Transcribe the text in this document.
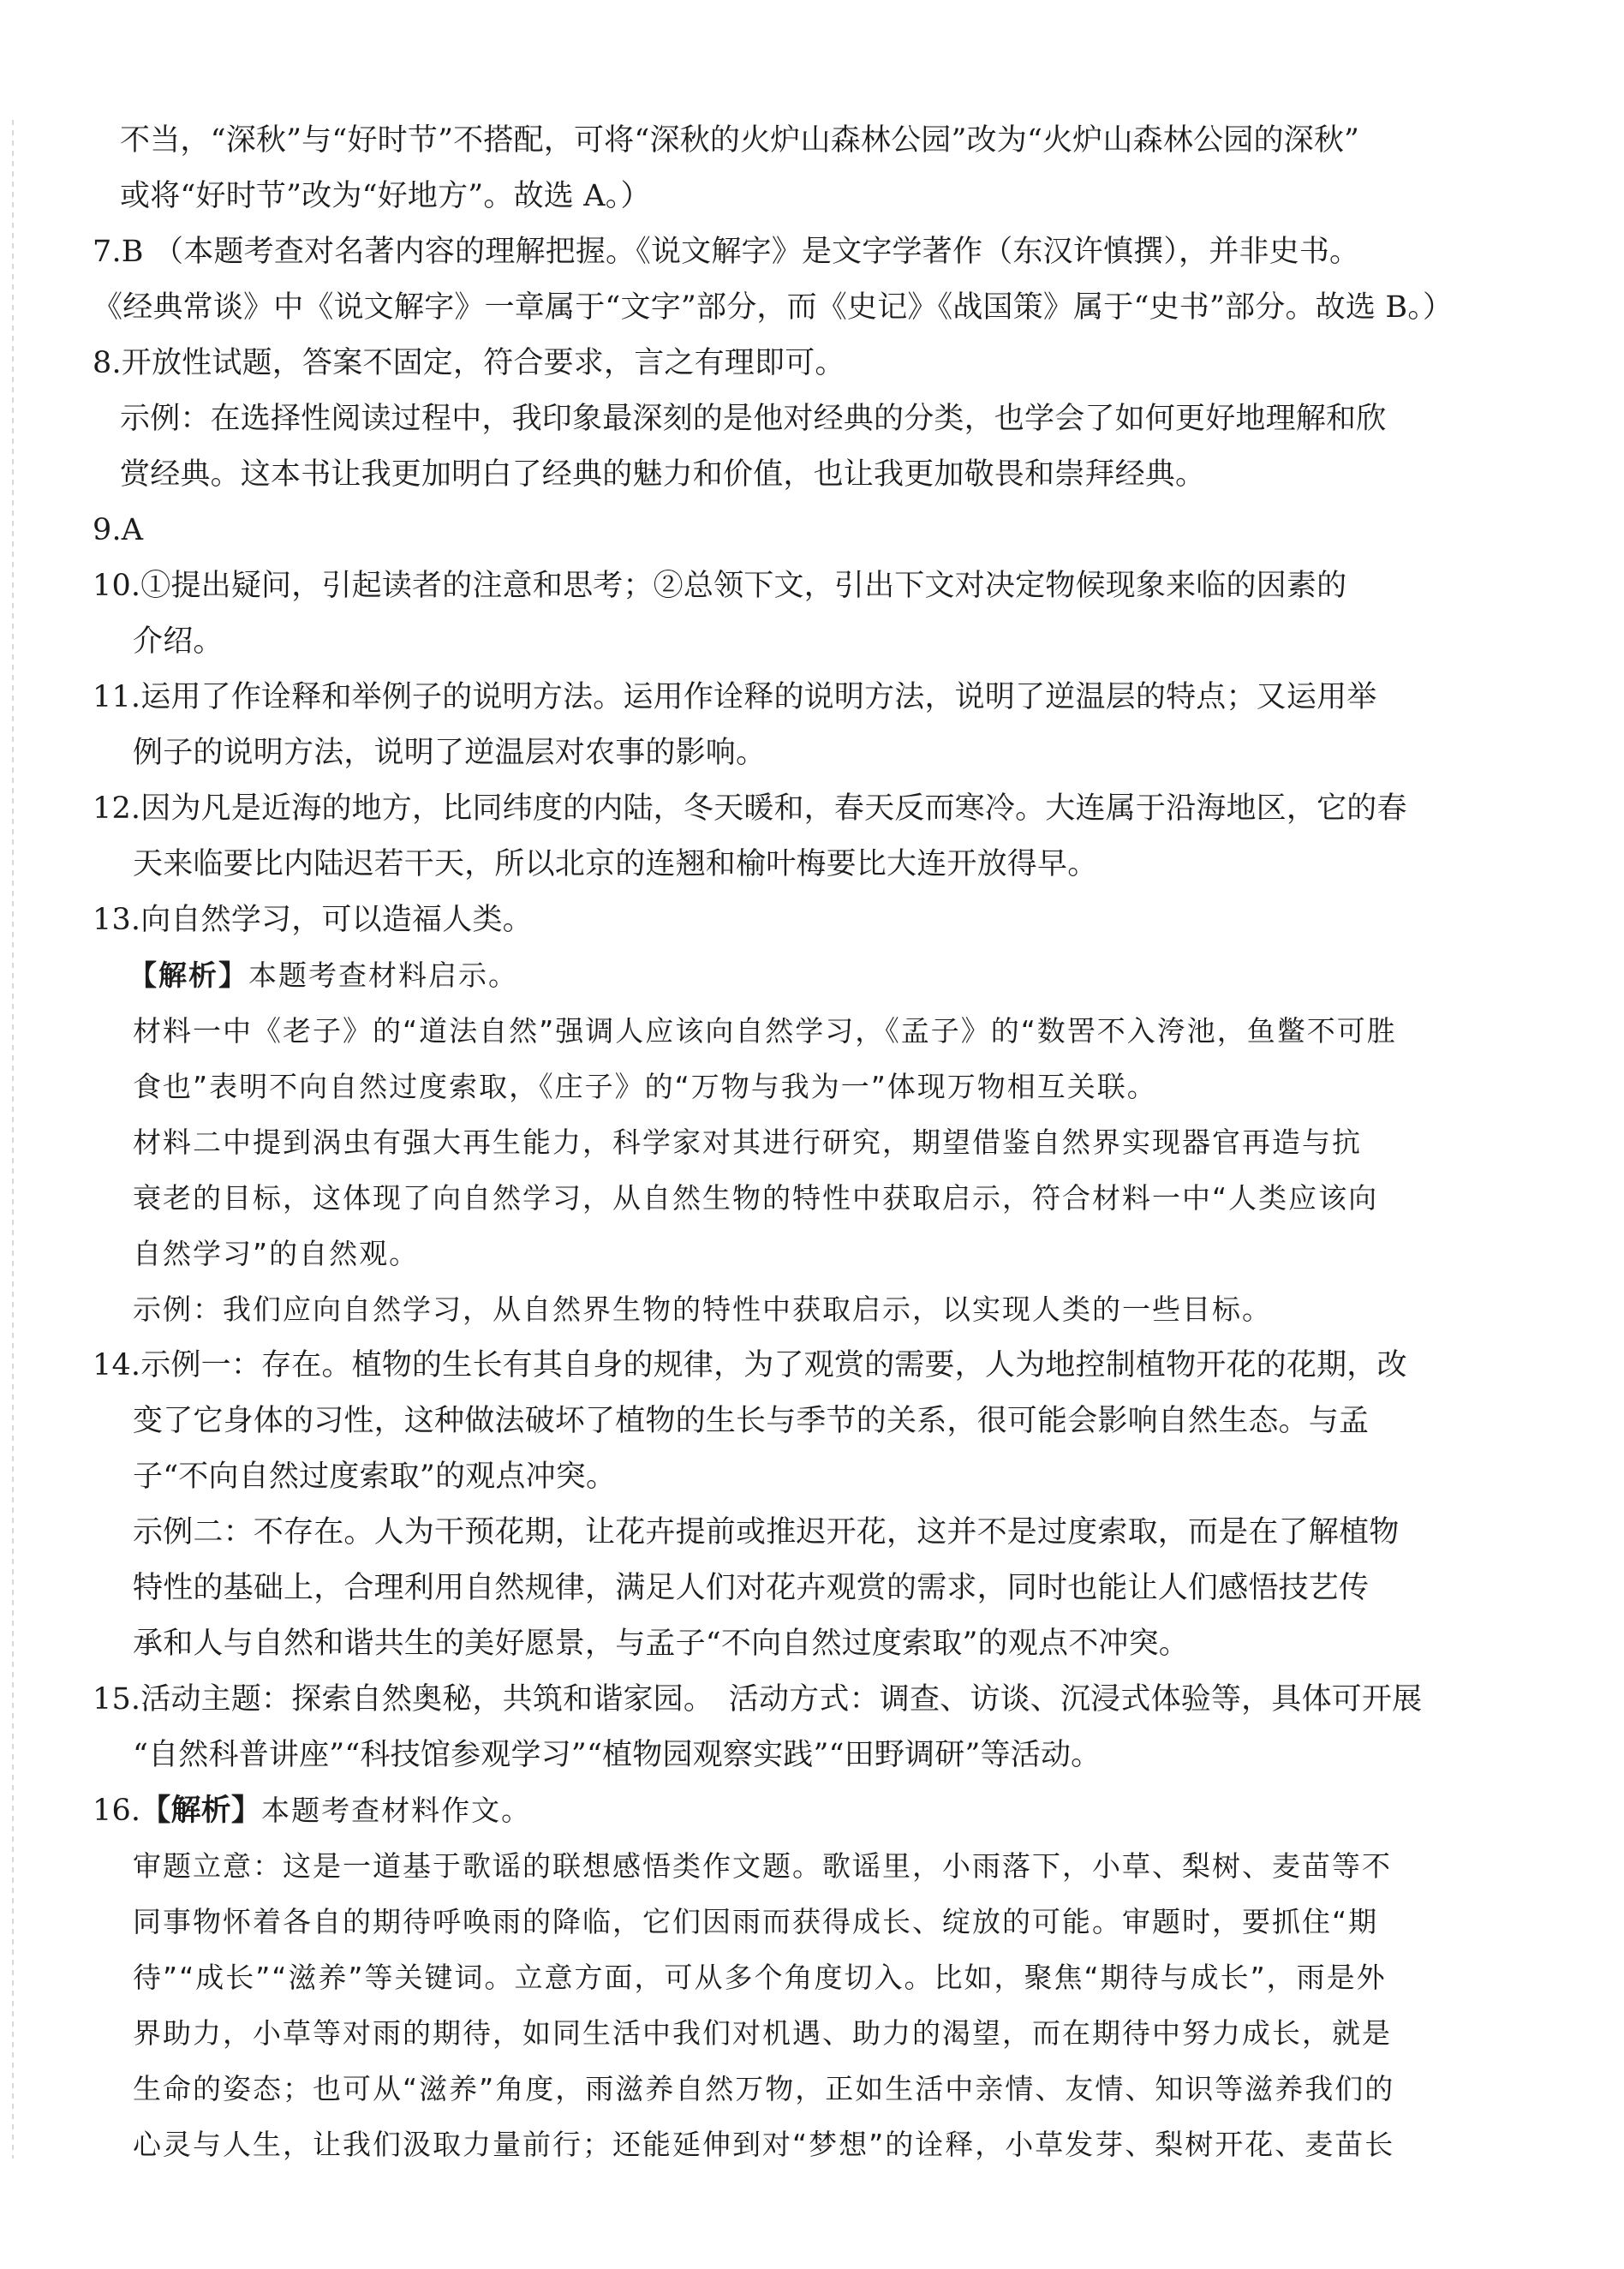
不当，“深秋”与“好时节”不搭配，可将“深秋的火炉山森林公园”改为“火炉山森林公园的深秋”
或将“好时节”改为“好地方”。故选 A。）
7.B （本题考查对名著内容的理解把握。《说文解字》是文字学著作（东汉许慎撰），并非史书。
《经典常谈》中《说文解字》一章属于“文字”部分，而《史记》《战国策》属于“史书”部分。故选 B。）
8.开放性试题，答案不固定，符合要求，言之有理即可。
示例：在选择性阅读过程中，我印象最深刻的是他对经典的分类，也学会了如何更好地理解和欣
赏经典。这本书让我更加明白了经典的魅力和价值，也让我更加敬畏和崇拜经典。
9.A
10.①提出疑问，引起读者的注意和思考；②总领下文，引出下文对决定物候现象来临的因素的
介绍。
11.运用了作诠释和举例子的说明方法。运用作诠释的说明方法，说明了逆温层的特点；又运用举
例子的说明方法，说明了逆温层对农事的影响。
12.因为凡是近海的地方，比同纬度的内陆，冬天暖和，春天反而寒冷。大连属于沿海地区，它的春
天来临要比内陆迟若干天，所以北京的连翘和榆叶梅要比大连开放得早。
13.向自然学习，可以造福人类。
【解析】本题考查材料启示。
材料一中《老子》的“道法自然”强调人应该向自然学习，《孟子》的“数罟不入洿池，鱼鳖不可胜
食也”表明不向自然过度索取，《庄子》的“万物与我为一”体现万物相互关联。
材料二中提到涡虫有强大再生能力，科学家对其进行研究，期望借鉴自然界实现器官再造与抗
衰老的目标，这体现了向自然学习，从自然生物的特性中获取启示，符合材料一中“人类应该向
自然学习”的自然观。
示例：我们应向自然学习，从自然界生物的特性中获取启示，以实现人类的一些目标。
14.示例一：存在。植物的生长有其自身的规律，为了观赏的需要，人为地控制植物开花的花期，改
变了它身体的习性，这种做法破坏了植物的生长与季节的关系，很可能会影响自然生态。与孟
子“不向自然过度索取”的观点冲突。
示例二：不存在。人为干预花期，让花卉提前或推迟开花，这并不是过度索取，而是在了解植物
特性的基础上，合理利用自然规律，满足人们对花卉观赏的需求，同时也能让人们感悟技艺传
承和人与自然和谐共生的美好愿景，与孟子“不向自然过度索取”的观点不冲突。
15.活动主题：探索自然奥秘，共筑和谐家园。　活动方式：调查、访谈、沉浸式体验等，具体可开展
“自然科普讲座”“科技馆参观学习”“植物园观察实践”“田野调研”等活动。
16.【解析】本题考查材料作文。
审题立意：这是一道基于歌谣的联想感悟类作文题。歌谣里，小雨落下，小草、梨树、麦苗等不
同事物怀着各自的期待呼唤雨的降临，它们因雨而获得成长、绽放的可能。审题时，要抓住“期
待”“成长”“滋养”等关键词。立意方面，可从多个角度切入。比如，聚焦“期待与成长”，雨是外
界助力，小草等对雨的期待，如同生活中我们对机遇、助力的渴望，而在期待中努力成长，就是
生命的姿态；也可从“滋养”角度，雨滋养自然万物，正如生活中亲情、友情、知识等滋养我们的
心灵与人生，让我们汲取力量前行；还能延伸到对“梦想”的诠释，小草发芽、梨树开花、麦苗长
